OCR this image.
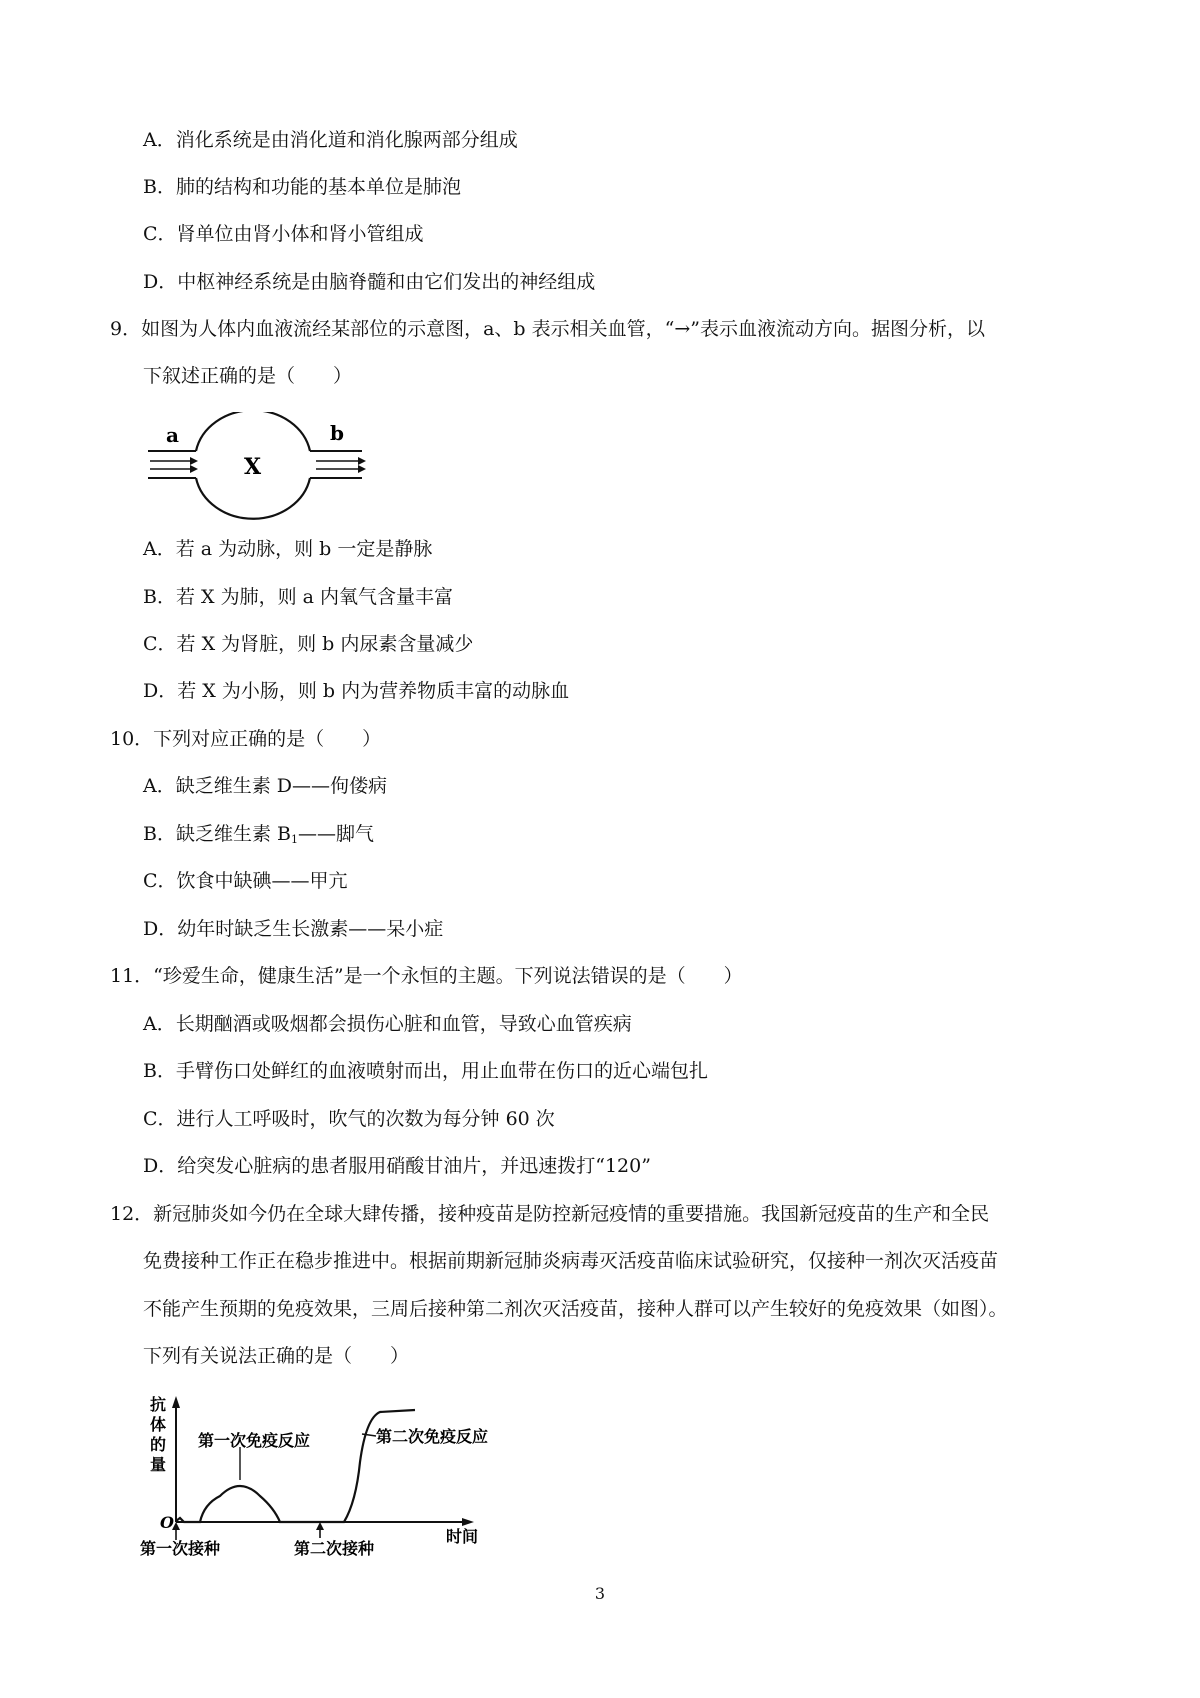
A．消化系统是由消化道和消化腺两部分组成
B．肺的结构和功能的基本单位是肺泡
C．肾单位由肾小体和肾小管组成
D．中枢神经系统是由脑脊髓和由它们发出的神经组成
9．如图为人体内血液流经某部位的示意图，a、b 表示相关血管，“→”表示血液流动方向。据图分析，以
下叙述正确的是（　　）
a	b
X
A．若 a 为动脉，则 b 一定是静脉
B．若 X 为肺，则 a 内氧气含量丰富
C．若 X 为肾脏，则 b 内尿素含量减少
D．若 X 为小肠，则 b 内为营养物质丰富的动脉血
10．下列对应正确的是（　　）
A．缺乏维生素 D——佝偻病
B．缺乏维生素 $B_1——$脚气
C．饮食中缺碘——甲亢
D．幼年时缺乏生长激素——呆小症
11．“珍爱生命，健康生活”是一个永恒的主题。下列说法错误的是（　　）
A．长期酗酒或吸烟都会损伤心脏和血管，导致心血管疾病
B．手臂伤口处鲜红的血液喷射而出，用止血带在伤口的近心端包扎
C．进行人工呼吸时，吹气的次数为每分钟 60 次
D．给突发心脏病的患者服用硝酸甘油片，并迅速拨打“120”
12．新冠肺炎如今仍在全球大肆传播，接种疫苗是防控新冠疫情的重要措施。我国新冠疫苗的生产和全民
免费接种工作正在稳步推进中。根据前期新冠肺炎病毒灭活疫苗临床试验研究，仅接种一剂次灭活疫苗
不能产生预期的免疫效果，三周后接种第二剂次灭活疫苗，接种人群可以产生较好的免疫效果（如图）。
下列有关说法正确的是（　　）
抗
体
的
量
O
时间
第一次免疫反应	第二次免疫反应
第一次接种	第二次接种
3
